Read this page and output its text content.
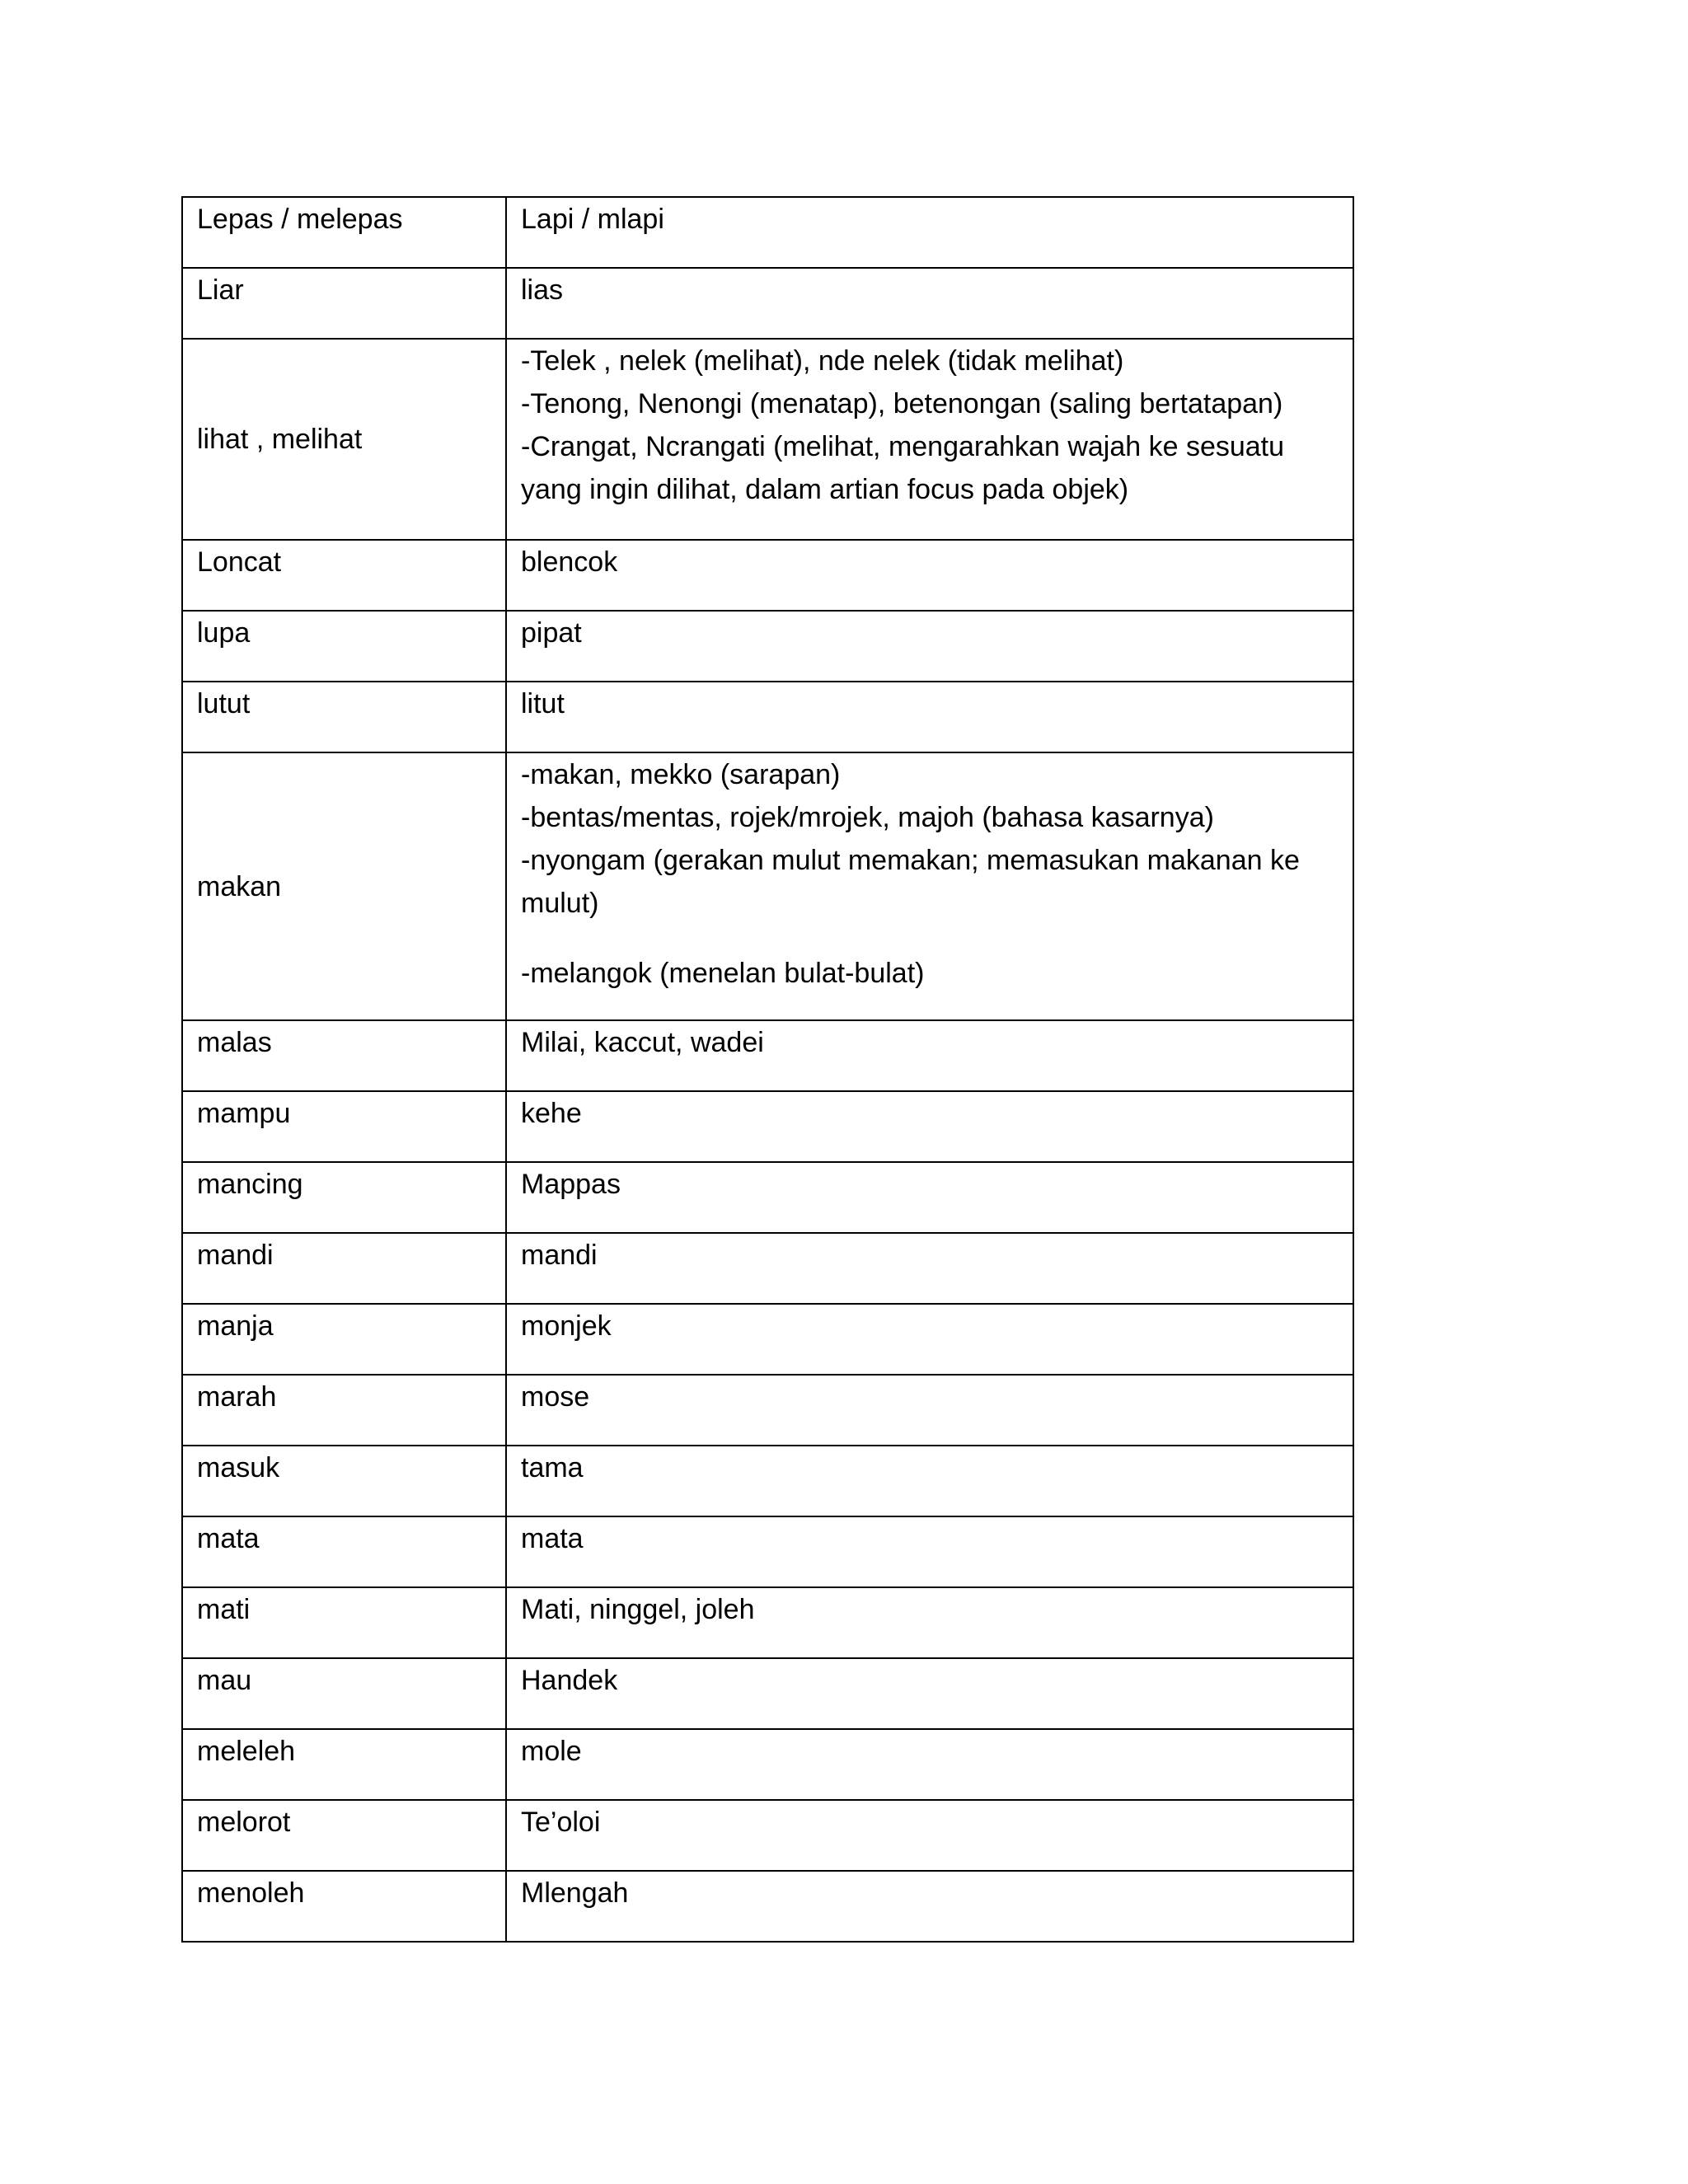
Lepas / melepas	Lapi / mlapi

Liar	lias

lihat , melihat	-Telek , nelek (melihat), nde nelek (tidak melihat)
-Tenong, Nenongi (menatap), betenongan (saling bertatapan)
-Crangat, Ncrangati (melihat, mengarahkan wajah ke sesuatu yang ingin dilihat, dalam artian focus pada objek)

Loncat	blencok

lupa	pipat

lutut	litut

makan	-makan, mekko (sarapan)
-bentas/mentas, rojek/mrojek, majoh (bahasa kasarnya)
-nyongam (gerakan mulut memakan; memasukan makanan ke mulut)
-melangok (menelan bulat-bulat)

malas	Milai, kaccut, wadei

mampu	kehe

mancing	Mappas

mandi	mandi

manja	monjek

marah	mose

masuk	tama

mata	mata

mati	Mati, ninggel, joleh

mau	Handek

meleleh	mole

melorot	Te’oloi

menoleh	Mlengah
